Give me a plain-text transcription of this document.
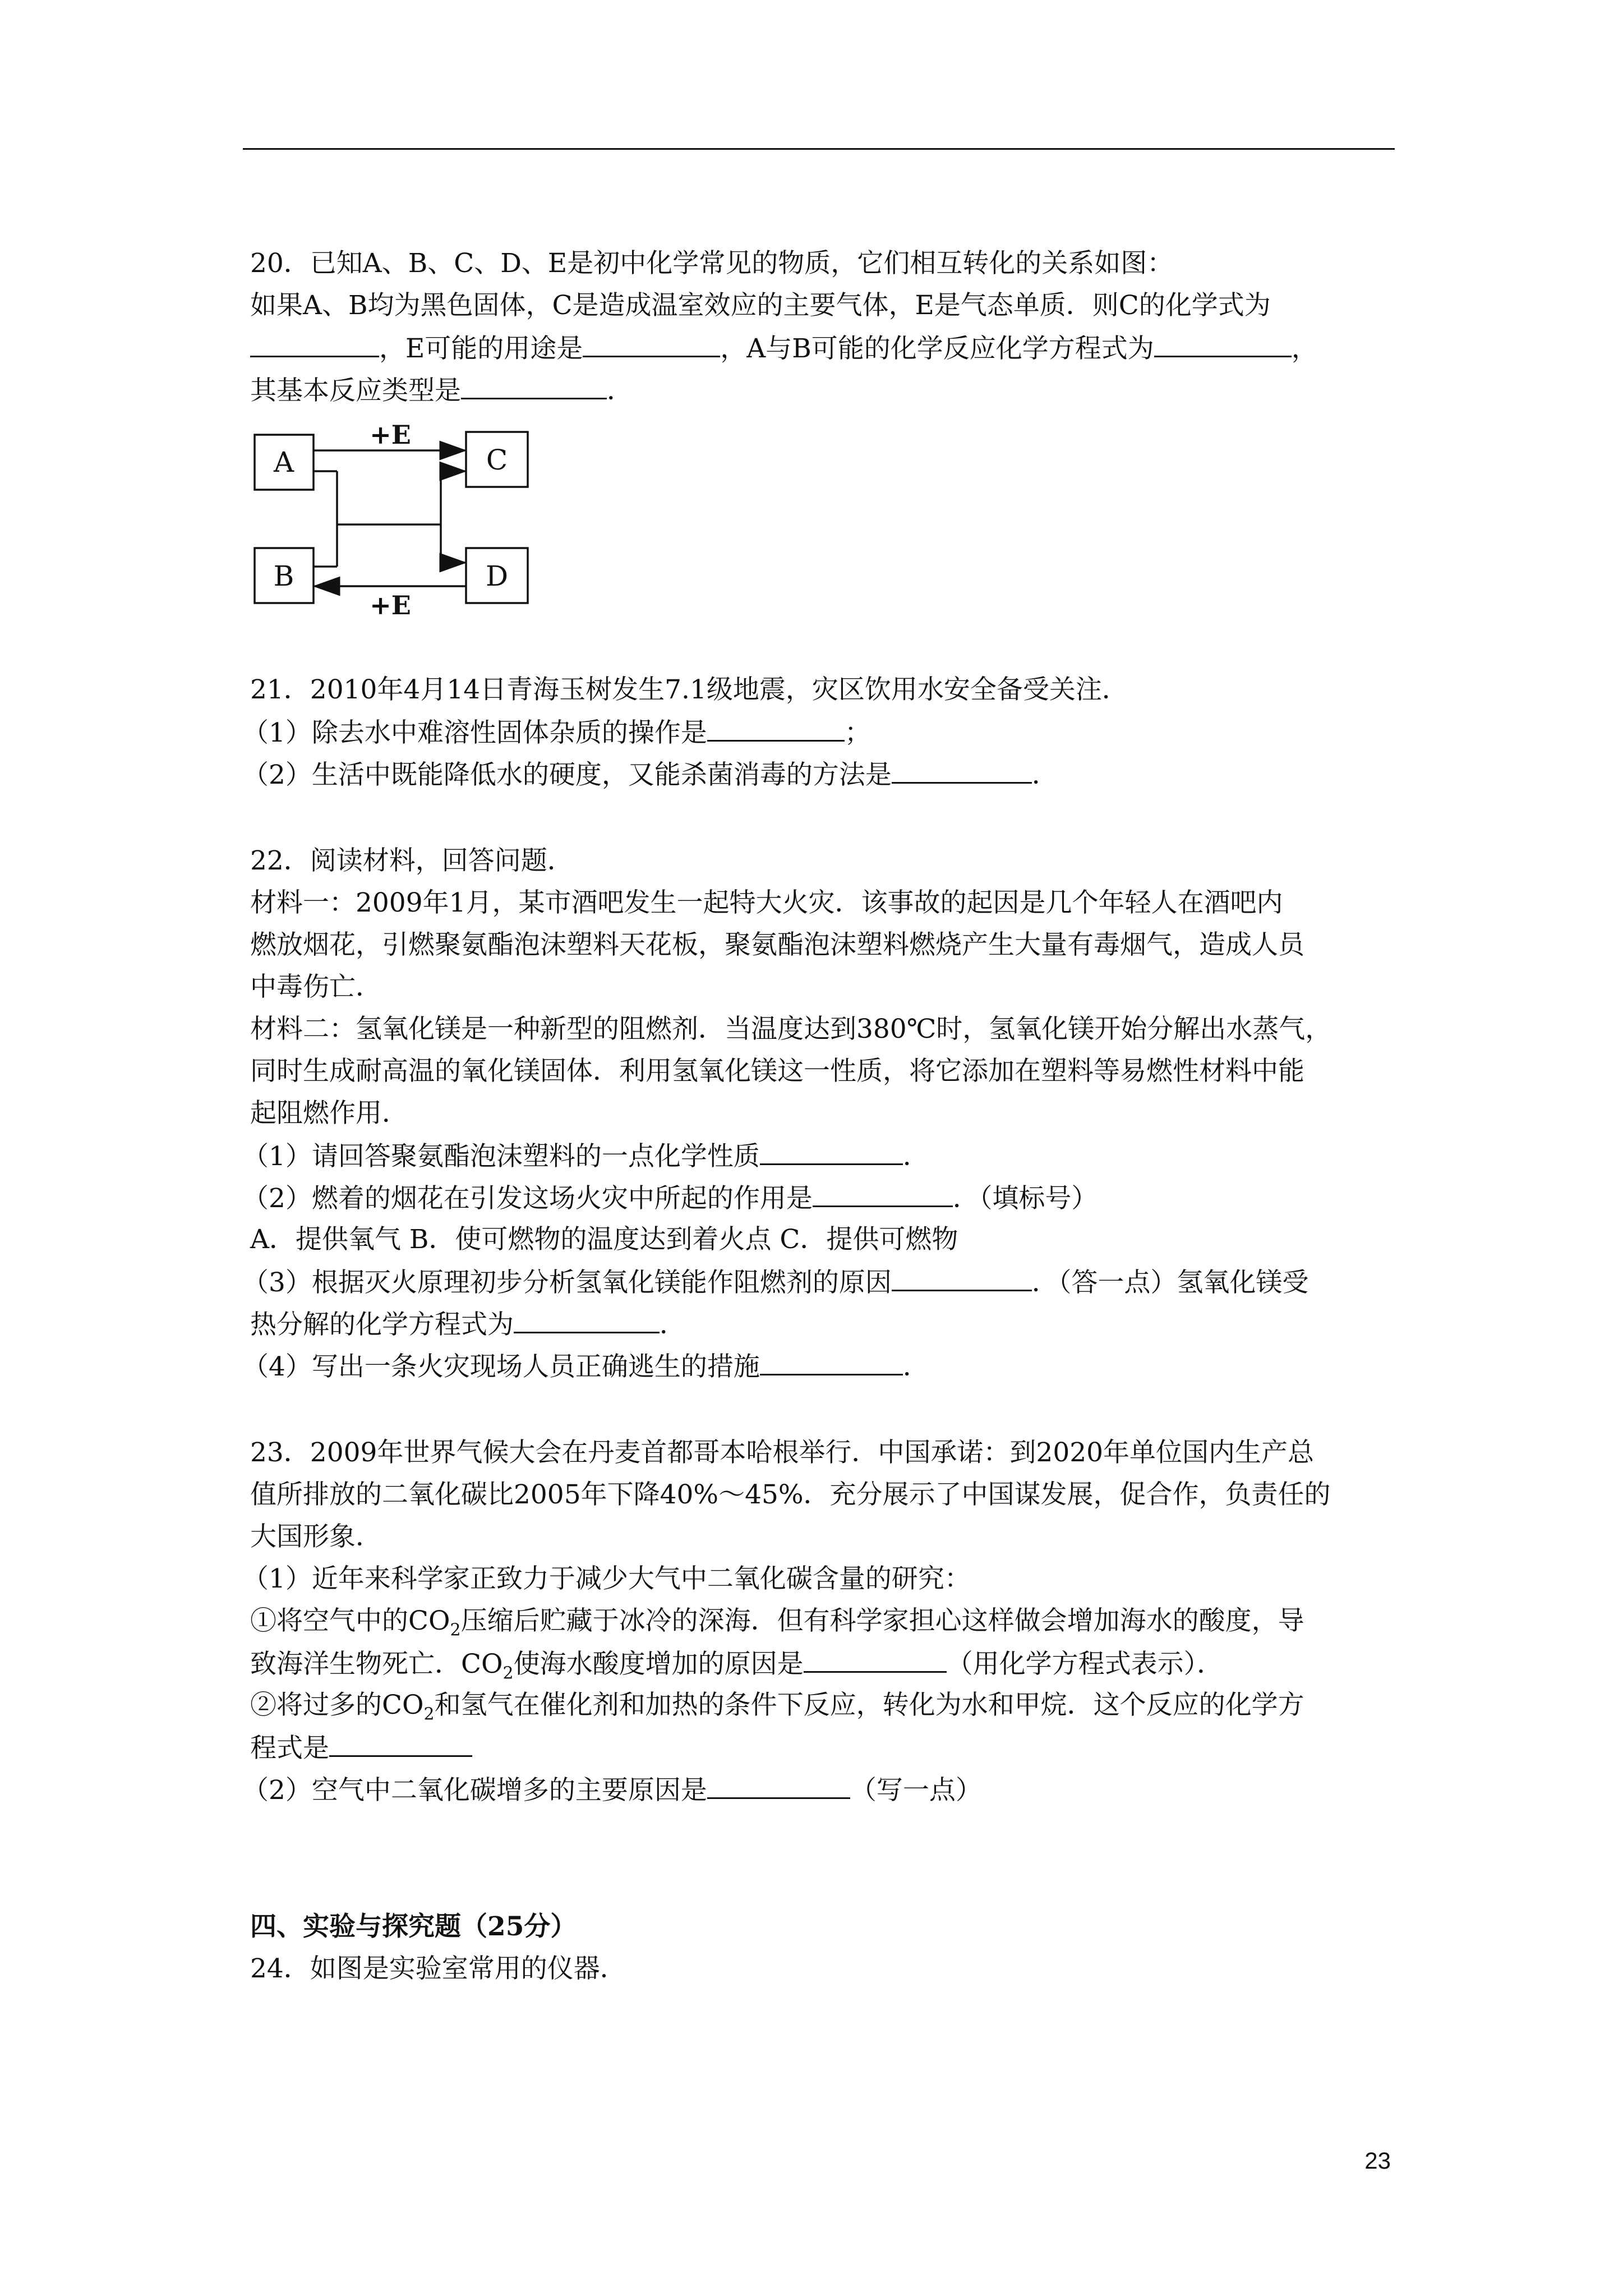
20．已知A、B、C、D、E是初中化学常见的物质，它们相互转化的关系如图：
如果A、B均为黑色固体，C是造成温室效应的主要气体，E是气态单质．则C的化学式为
，E可能的用途是	，A与B可能的化学反应化学方程式为	，
其基本反应类型是	．
A
B
C
D
+E
+E
21．2010年4月14日青海玉树发生7.1级地震，灾区饮用水安全备受关注．
（1）除去水中难溶性固体杂质的操作是	；
（2）生活中既能降低水的硬度，又能杀菌消毒的方法是	．
22．阅读材料，回答问题．
材料一：2009年1月，某市酒吧发生一起特大火灾．该事故的起因是几个年轻人在酒吧内
燃放烟花，引燃聚氨酯泡沫塑料天花板，聚氨酯泡沫塑料燃烧产生大量有毒烟气，造成人员
中毒伤亡．
材料二：氢氧化镁是一种新型的阻燃剂．当温度达到380℃时，氢氧化镁开始分解出水蒸气，
同时生成耐高温的氧化镁固体．利用氢氧化镁这一性质，将它添加在塑料等易燃性材料中能
起阻燃作用．
（1）请回答聚氨酯泡沫塑料的一点化学性质	．
（2）燃着的烟花在引发这场火灾中所起的作用是	．（填标号）
A．提供氧气 B．使可燃物的温度达到着火点 C．提供可燃物
（3）根据灭火原理初步分析氢氧化镁能作阻燃剂的原因	．（答一点）氢氧化镁受
热分解的化学方程式为	．
（4）写出一条火灾现场人员正确逃生的措施	．
23．2009年世界气候大会在丹麦首都哥本哈根举行．中国承诺：到2020年单位国内生产总
值所排放的二氧化碳比2005年下降40%～45%．充分展示了中国谋发展，促合作，负责任的
大国形象．
（1）近年来科学家正致力于减少大气中二氧化碳含量的研究：
①将空气中的$CO_2$压缩后贮藏于冰冷的深海．但有科学家担心这样做会增加海水的酸度，导
致海洋生物死亡．$CO_2$使海水酸度增加的原因是	（用化学方程式表示）．
②将过多的$CO_2$和氢气在催化剂和加热的条件下反应，转化为水和甲烷．这个反应的化学方
程式是
（2）空气中二氧化碳增多的主要原因是	（写一点）
四、实验与探究题（25分）
24．如图是实验室常用的仪器．
23
